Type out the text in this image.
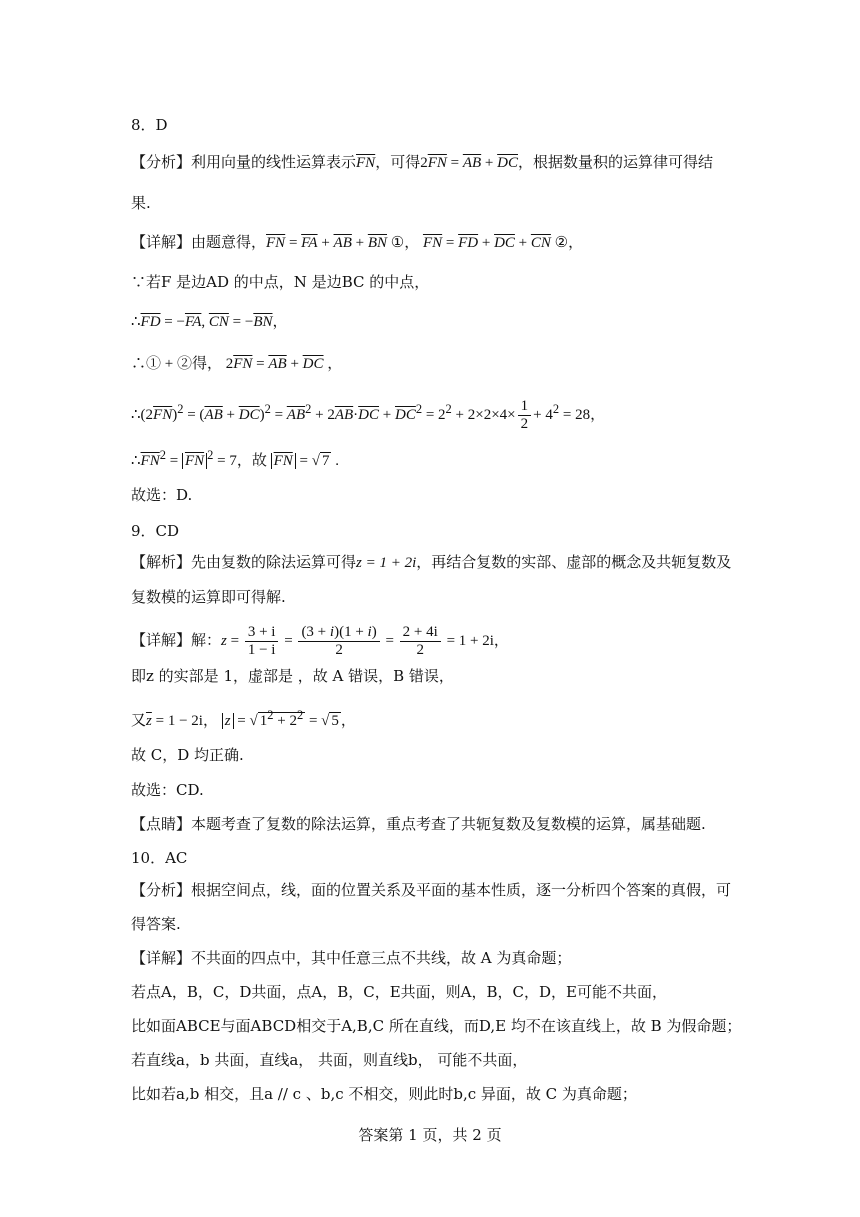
8．D
【分析】利用向量的线性运算表示$\overline{FN}$，可得$2\overline{FN} = \overline{AB} + \overline{DC}$，根据数量积的运算律可得结
果.
【详解】由题意得，$\overline{FN} = \overline{FA} + \overline{AB} + \overline{BN}$ ①， $\overline{FN} = \overline{FD} + \overline{DC} + \overline{CN}$ ②，
∵若F 是边AD 的中点，N 是边BC 的中点，
$\therefore\overline{FD} = -\overline{FA}$, $\overline{CN} = -\overline{BN}$，
∴① + ②得， $2\overline{FN} = \overline{AB} + \overline{DC}$ ，
$\therefore(2\overline{FN})^2 = (\overline{AB} + \overline{DC})^2 = \overline{AB}^2 + 2\overline{AB}\cdot\overline{DC} + \overline{DC}^2 = 2^2 + 2\times 2\times 4\times \frac{1}{2} + 4^2 = 28$，
$\therefore\overline{FN}^2 = \overline{FN}$ $^2$ = 7，故 $\overline{FN}$ = √ 7 .
故选：D.
9．CD
【解析】先由复数的除法运算可得z = 1 + 2i，再结合复数的实部、虚部的概念及共轭复数及
复数模的运算即可得解.
【详解】解：$z = \frac{3 + i}{1 - i} = \frac{(3 + i)(1 + i)}{2} = \frac{2 + 4i}{2} = 1 + 2i$，
即z 的实部是 1，虚部是 ，故 A 错误，B 错误，
又$\overline{z} = 1 - 2i$， z = √ $1^2 + 2^2$ = √ 5 ，
故 C，D 均正确.
故选：CD.
【点睛】本题考查了复数的除法运算，重点考查了共轭复数及复数模的运算，属基础题.
10．AC
【分析】根据空间点，线，面的位置关系及平面的基本性质，逐一分析四个答案的真假，可
得答案.
【详解】不共面的四点中，其中任意三点不共线，故 A 为真命题；
若点A，B，C，D共面，点A，B，C，E共面，则A，B，C，D，E可能不共面，
比如面ABCE与面ABCD相交于A,B,C 所在直线，而D,E 均不在该直线上，故 B 为假命题；
若直线a，b 共面，直线a， 共面，则直线b， 可能不共面，
比如若a,b 相交，且a // c 、b,c 不相交，则此时b,c 异面，故 C 为真命题；
答案第 1 页，共 2 页
